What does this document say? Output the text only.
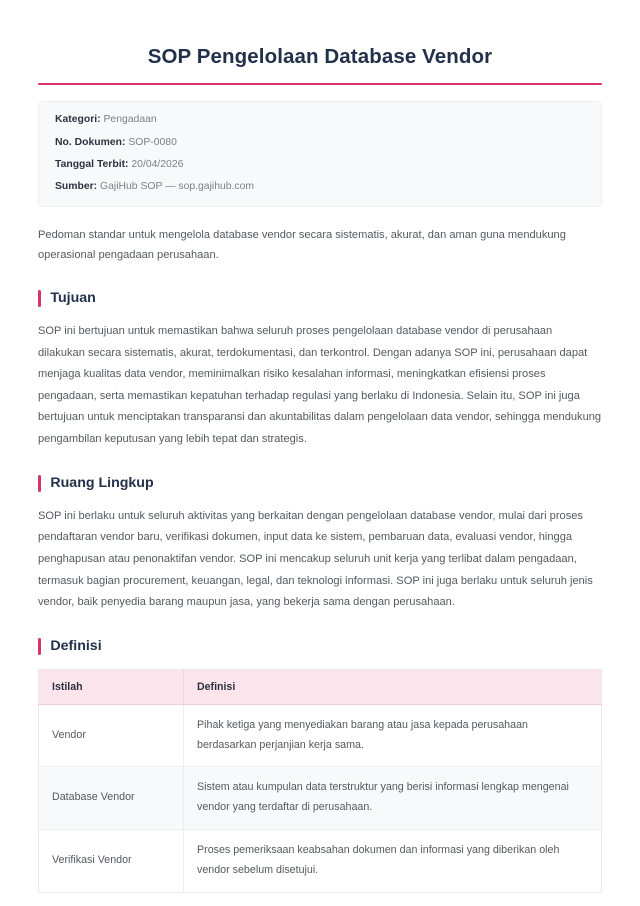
SOP Pengelolaan Database Vendor
Kategori: Pengadaan
No. Dokumen: SOP-0080
Tanggal Terbit: 20/04/2026
Sumber: GajiHub SOP — sop.gajihub.com

Pedoman standar untuk mengelola database vendor secara sistematis, akurat, dan aman guna mendukung operasional pengadaan perusahaan.

Tujuan

SOP ini bertujuan untuk memastikan bahwa seluruh proses pengelolaan database vendor di perusahaan dilakukan secara sistematis, akurat, terdokumentasi, dan terkontrol. Dengan adanya SOP ini, perusahaan dapat menjaga kualitas data vendor, meminimalkan risiko kesalahan informasi, meningkatkan efisiensi proses pengadaan, serta memastikan kepatuhan terhadap regulasi yang berlaku di Indonesia. Selain itu, SOP ini juga bertujuan untuk menciptakan transparansi dan akuntabilitas dalam pengelolaan data vendor, sehingga mendukung pengambilan keputusan yang lebih tepat dan strategis.

Ruang Lingkup

SOP ini berlaku untuk seluruh aktivitas yang berkaitan dengan pengelolaan database vendor, mulai dari proses pendaftaran vendor baru, verifikasi dokumen, input data ke sistem, pembaruan data, evaluasi vendor, hingga penghapusan atau penonaktifan vendor. SOP ini mencakup seluruh unit kerja yang terlibat dalam pengadaan, termasuk bagian procurement, keuangan, legal, dan teknologi informasi. SOP ini juga berlaku untuk seluruh jenis vendor, baik penyedia barang maupun jasa, yang bekerja sama dengan perusahaan.

Definisi
Istilah	Definisi
Vendor	Pihak ketiga yang menyediakan barang atau jasa kepada perusahaan berdasarkan perjanjian kerja sama.
Database Vendor	Sistem atau kumpulan data terstruktur yang berisi informasi lengkap mengenai vendor yang terdaftar di perusahaan.
Verifikasi Vendor	Proses pemeriksaan keabsahan dokumen dan informasi yang diberikan oleh vendor sebelum disetujui.
